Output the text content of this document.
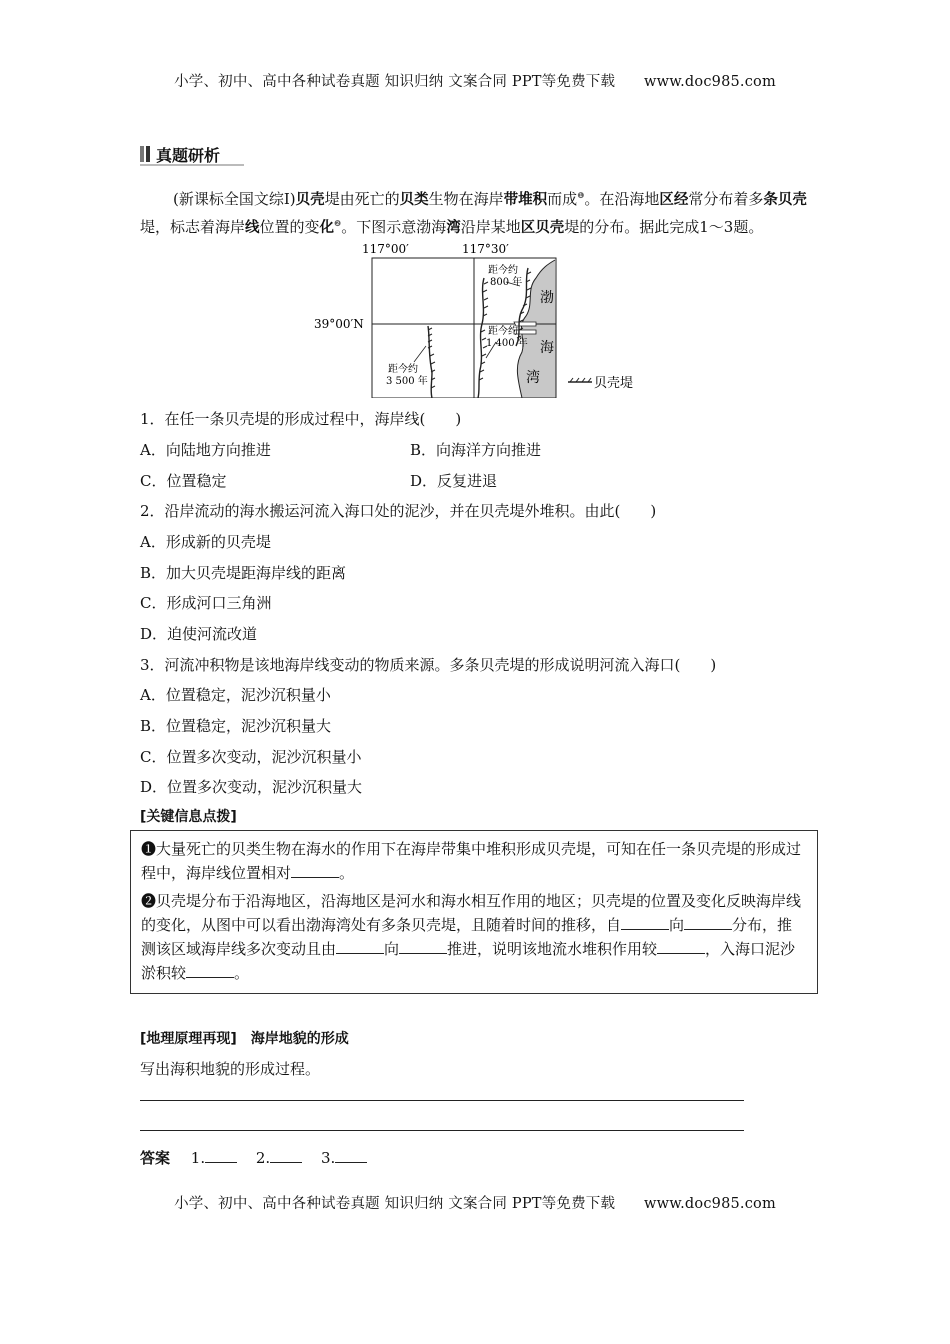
小学、初中、高中各种试卷真题 知识归纳 文案合同 PPT等免费下载 www.doc985.com
真题研析
(新课标全国文综Ⅰ)贝壳堤由死亡的贝类生物在海岸带堆积而成$^❶$。在沿海地区经常分布着多条贝壳堤，标志着海岸线位置的变化$^❷$。下图示意渤海湾沿岸某地区贝壳堤的分布。据此完成1～3题。
117°00′	117°30′
39°00′N
距今约
800 年
距今约
1 400 年
距今约
3 500 年
渤
海
湾	贝壳堤
1．在任一条贝壳堤的形成过程中，海岸线(　　)
A．向陆地方向推进	B．向海洋方向推进
C．位置稳定	D．反复进退
2．沿岸流动的海水搬运河流入海口处的泥沙，并在贝壳堤外堆积。由此(　　)
A．形成新的贝壳堤
B．加大贝壳堤距海岸线的距离
C．形成河口三角洲
D．迫使河流改道
3．河流冲积物是该地海岸线变动的物质来源。多条贝壳堤的形成说明河流入海口(　　)
A．位置稳定，泥沙沉积量小
B．位置稳定，泥沙沉积量大
C．位置多次变动，泥沙沉积量小
D．位置多次变动，泥沙沉积量大
[关键信息点拨]

❶大量死亡的贝类生物在海水的作用下在海岸带集中堆积形成贝壳堤，可知在任一条贝壳堤的形成过程中，海岸线位置相对	。

❷贝壳堤分布于沿海地区，沿海地区是河水和海水相互作用的地区；贝壳堤的位置及变化反映海岸线的变化，从图中可以看出渤海湾处有多条贝壳堤，且随着时间的推移，自	向	分布，推测该区域海岸线多次变动且由	向	推进，说明该地流水堆积作用较	，入海口泥沙淤积较	。

[地理原理再现]　海岸地貌的形成
写出海积地貌的形成过程。
答案 1.	2.	3.
小学、初中、高中各种试卷真题 知识归纳 文案合同 PPT等免费下载 www.doc985.com
